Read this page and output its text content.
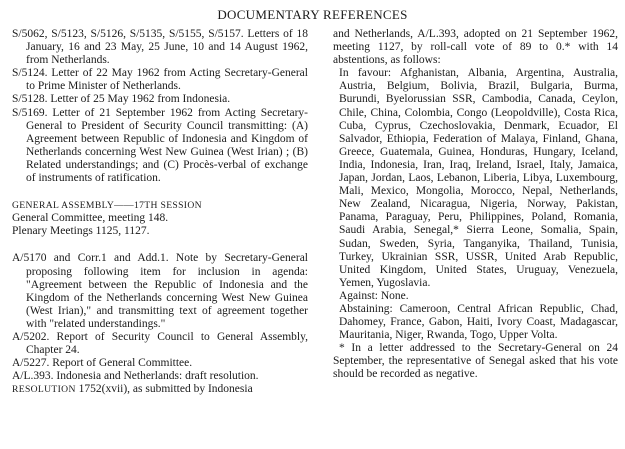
DOCUMENTARY REFERENCES

S/5062, S/5123, S/5126, S/5135, S/5155, S/5157. Letters of 18 January, 16 and 23 May, 25 June, 10 and 14 August 1962, from Netherlands.

S/5124. Letter of 22 May 1962 from Acting Secretary-General to Prime Minister of Netherlands.

S/5128. Letter of 25 May 1962 from Indonesia.

S/5169. Letter of 21 September 1962 from Acting Secretary-General to President of Security Council transmitting: (A) Agreement between Republic of Indonesia and Kingdom of Netherlands concerning West New Guinea (West Irian) ; (B) Related understandings; and (C) Procès-verbal of exchange of instruments of ratification.

GENERAL ASSEMBLY——17TH SESSION

General Committee, meeting 148.

Plenary Meetings 1125, 1127.

A/5170 and Corr.1 and Add.1. Note by Secretary-General proposing following item for inclusion in agenda: "Agreement between the Republic of Indonesia and the Kingdom of the Netherlands concerning West New Guinea (West Irian)," and transmitting text of agreement together with "related understandings."

A/5202. Report of Security Council to General Assembly, Chapter 24.

A/5227. Report of General Committee.

A/L.393. Indonesia and Netherlands: draft resolution.

RESOLUTION 1752(xvii), as submitted by Indonesia

and Netherlands, A/L.393, adopted on 21 September 1962, meeting 1127, by roll-call vote of 89 to 0.* with 14 abstentions, as follows:

In favour: Afghanistan, Albania, Argentina, Australia, Austria, Belgium, Bolivia, Brazil, Bulgaria, Burma, Burundi, Byelorussian SSR, Cambodia, Canada, Ceylon, Chile, China, Colombia, Congo (Leopoldville), Costa Rica, Cuba, Cyprus, Czechoslovakia, Denmark, Ecuador, El Salvador, Ethiopia, Federation of Malaya, Finland, Ghana, Greece, Guatemala, Guinea, Honduras, Hungary, Iceland, India, Indonesia, Iran, Iraq, Ireland, Israel, Italy, Jamaica, Japan, Jordan, Laos, Lebanon, Liberia, Libya, Luxembourg, Mali, Mexico, Mongolia, Morocco, Nepal, Netherlands, New Zealand, Nicaragua, Nigeria, Norway, Pakistan, Panama, Paraguay, Peru, Philippines, Poland, Romania, Saudi Arabia, Senegal,* Sierra Leone, Somalia, Spain, Sudan, Sweden, Syria, Tanganyika, Thailand, Tunisia, Turkey, Ukrainian SSR, USSR, United Arab Republic, United Kingdom, United States, Uruguay, Venezuela, Yemen, Yugoslavia.

Against: None.

Abstaining: Cameroon, Central African Republic, Chad, Dahomey, France, Gabon, Haiti, Ivory Coast, Madagascar, Mauritania, Niger, Rwanda, Togo, Upper Volta.

* In a letter addressed to the Secretary-General on 24 September, the representative of Senegal asked that his vote should be recorded as negative.
